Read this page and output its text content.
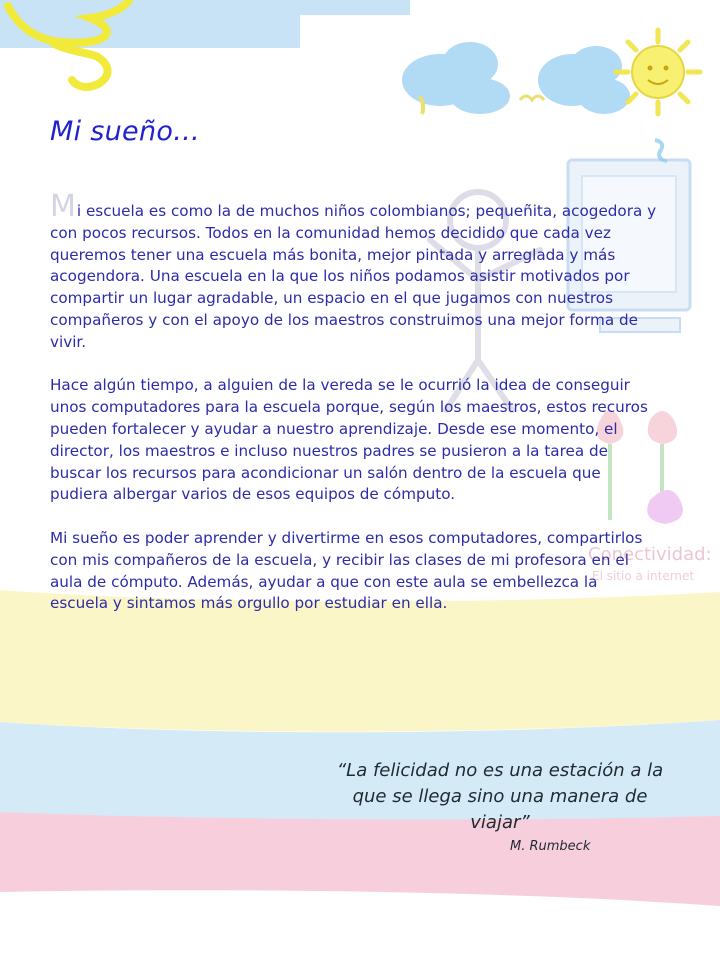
Conectividad:
El sitio a internet
Mi sueño...

Mi escuela es como la de muchos niños colombianos; pequeñita, acogedora y con pocos recursos. Todos en la comunidad hemos decidido que cada vez queremos tener una escuela más bonita, mejor pintada y arreglada y más acogendora. Una escuela en la que los niños podamos asistir motivados por compartir un lugar agradable, un espacio en el que jugamos con nuestros compañeros y con el apoyo de los maestros construimos una mejor forma de vivir.

Hace algún tiempo, a alguien de la vereda se le ocurrió la idea de conseguir unos computadores para la escuela porque, según los maestros, estos recuros pueden fortalecer y ayudar a nuestro aprendizaje. Desde ese momento, el director, los maestros e incluso nuestros padres se pusieron a la tarea de buscar los recursos para acondicionar un salón dentro de la escuela que pudiera albergar varios de esos equipos de cómputo.

Mi sueño es poder aprender y divertirme en esos computadores, compartirlos con mis compañeros de la escuela, y recibir las clases de mi profesora en el aula de cómputo. Además, ayudar a que con este aula se embellezca la escuela y sintamos más orgullo por estudiar en ella.

“La felicidad no es una estación a la que se llega sino una manera de viajar”

M. Rumbeck
